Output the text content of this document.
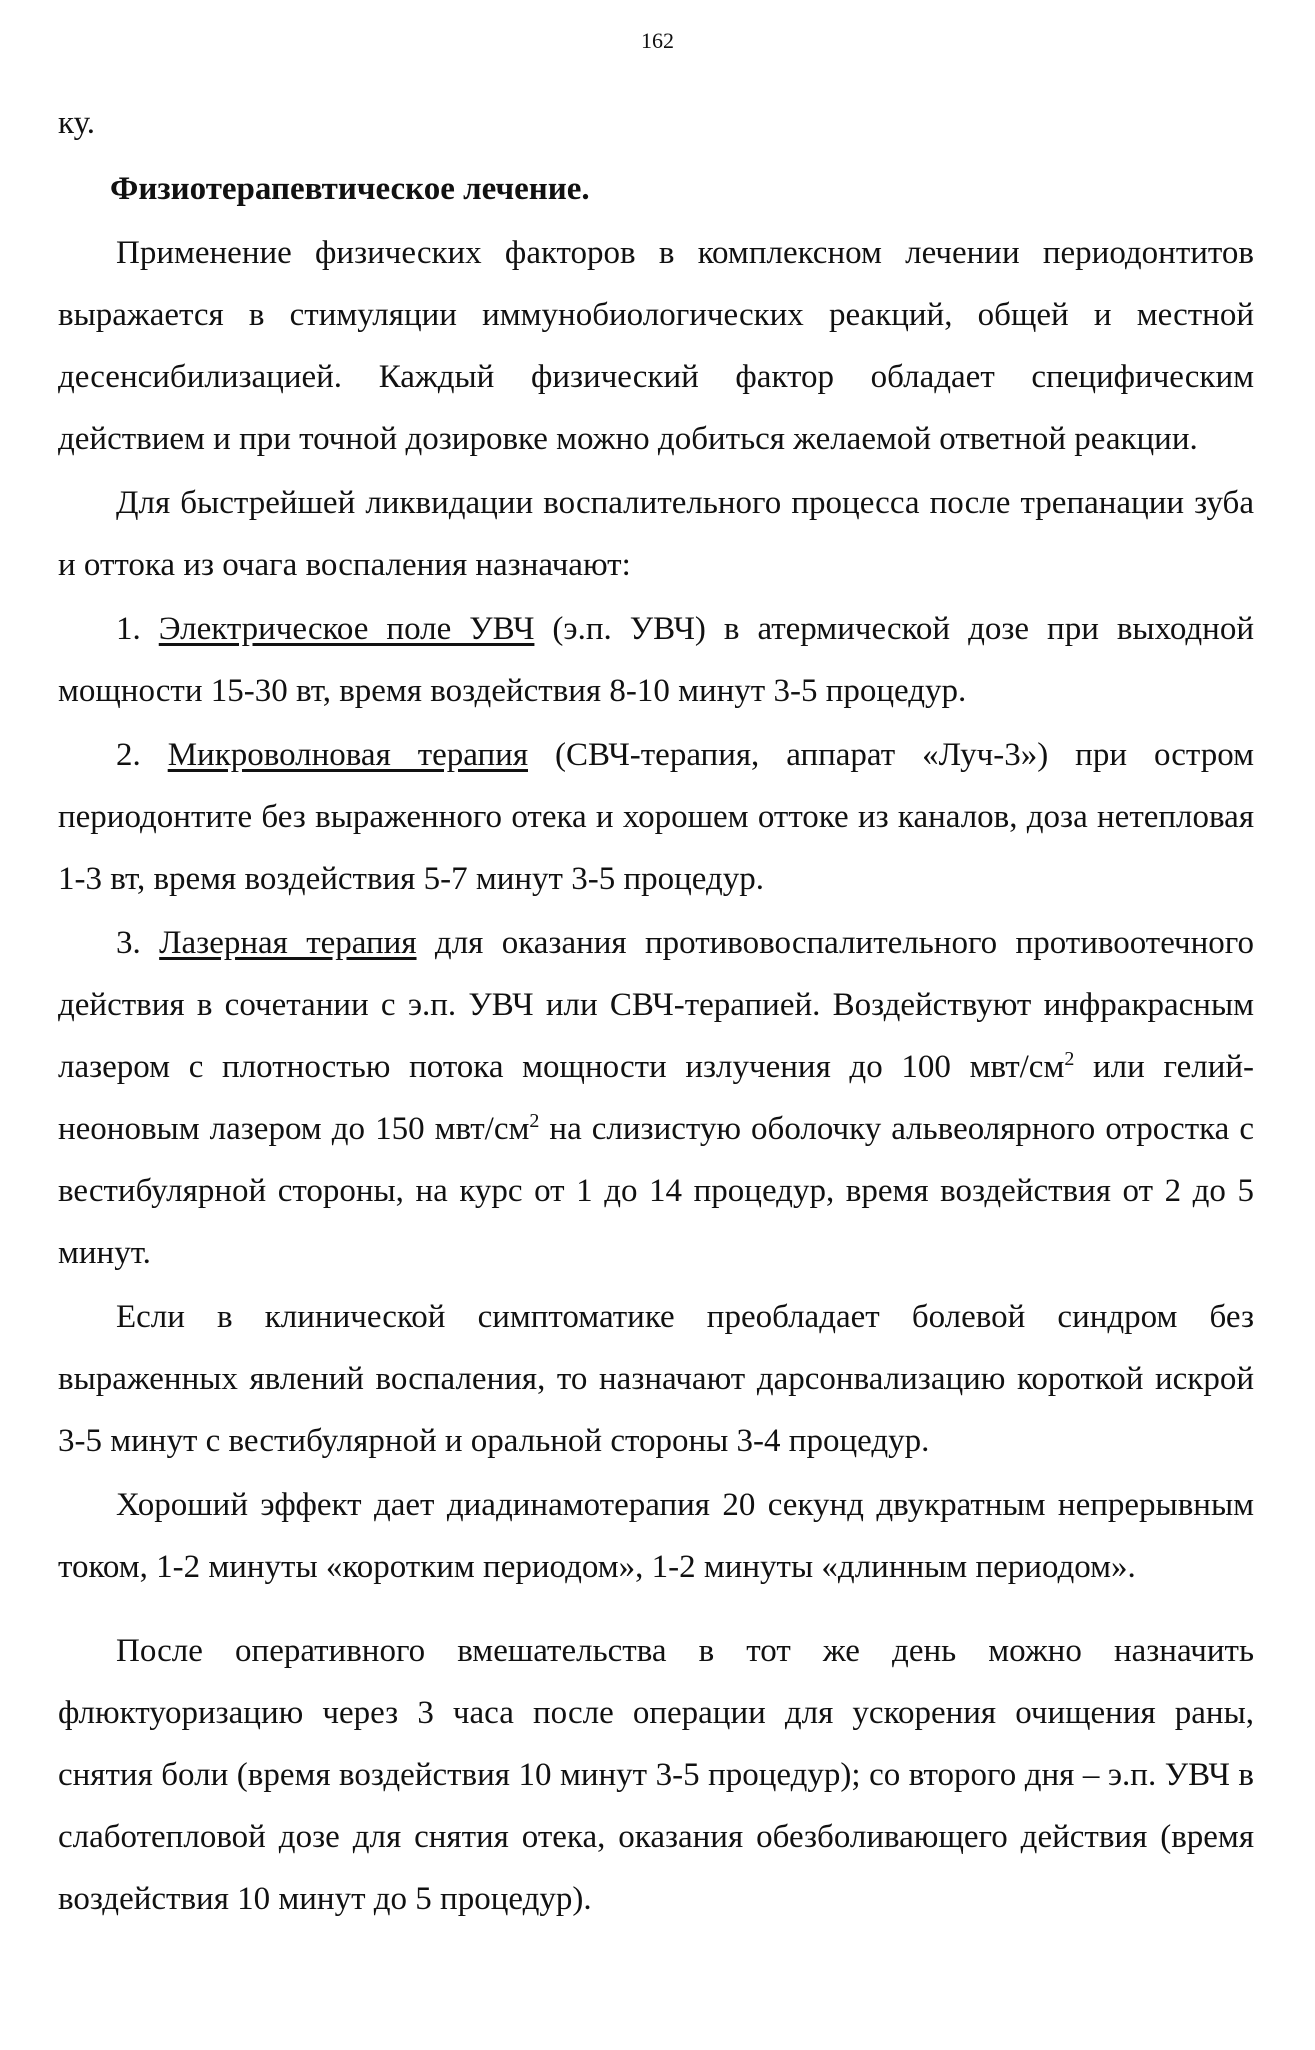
162

ку.

Физиотерапевтическое лечение.

Применение физических факторов в комплексном лечении периодонтитов выражается в стимуляции иммунобиологических реакций, общей и местной десенсибилизацией. Каждый физический фактор обладает специфическим действием и при точной дозировке можно добиться желаемой ответной реакции.

Для быстрейшей ликвидации воспалительного процесса после трепанации зуба и оттока из очага воспаления назначают:

1. Электрическое поле УВЧ (э.п. УВЧ) в атермической дозе при выходной мощности 15-30 вт, время воздействия 8-10 минут 3-5 процедур.

2. Микроволновая терапия (СВЧ-терапия, аппарат «Луч-3») при остром периодонтите без выраженного отека и хорошем оттоке из каналов, доза нетепловая 1-3 вт, время воздействия 5-7 минут 3-5 процедур.

3. Лазерная терапия для оказания противовоспалительного противоотечного действия в сочетании с э.п. УВЧ или СВЧ-терапией. Воздействуют инфракрасным лазером с плотностью потока мощности излучения до 100 мвт/$см^2$ или гелий-неоновым лазером до 150 мвт/$см^2$ на слизистую оболочку альвеолярного отростка с вестибулярной стороны, на курс от 1 до 14 процедур, время воздействия от 2 до 5 минут.

Если в клинической симптоматике преобладает болевой синдром без выраженных явлений воспаления, то назначают дарсонвализацию короткой искрой 3-5 минут с вестибулярной и оральной стороны 3-4 процедур.

Хороший эффект дает диадинамотерапия 20 секунд двукратным непрерывным током, 1-2 минуты «коротким периодом», 1-2 минуты «длинным периодом».

После оперативного вмешательства в тот же день можно назначить флюктуоризацию через 3 часа после операции для ускорения очищения раны, снятия боли (время воздействия 10 минут 3-5 процедур); со второго дня – э.п. УВЧ в слаботепловой дозе для снятия отека, оказания обезболивающего действия (время воздействия 10 минут до 5 процедур).
